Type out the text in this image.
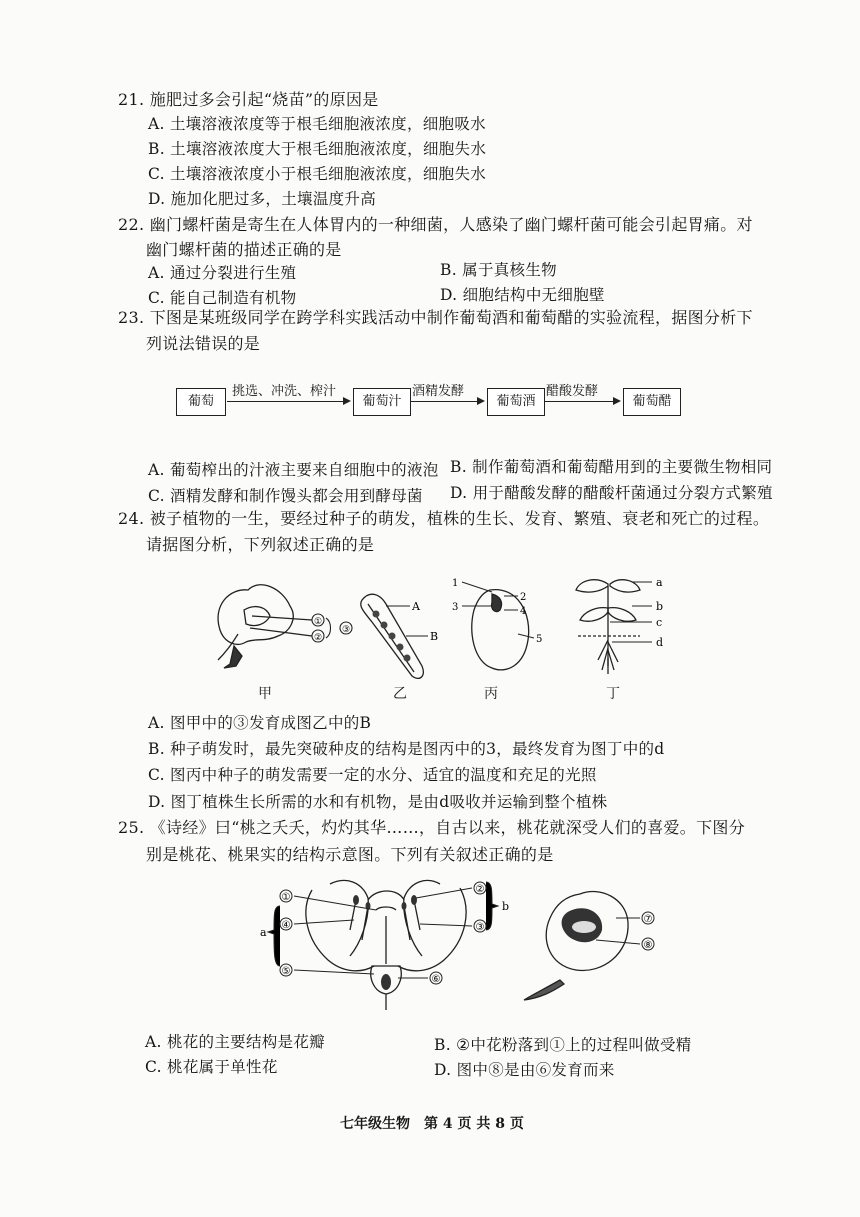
21. 施肥过多会引起“烧苗”的原因是
A. 土壤溶液浓度等于根毛细胞液浓度，细胞吸水
B. 土壤溶液浓度大于根毛细胞液浓度，细胞失水
C. 土壤溶液浓度小于根毛细胞液浓度，细胞失水
D. 施加化肥过多，土壤温度升高
22. 幽门螺杆菌是寄生在人体胃内的一种细菌，人感染了幽门螺杆菌可能会引起胃痛。对
幽门螺杆菌的描述正确的是
A. 通过分裂进行生殖	B. 属于真核生物
C. 能自己制造有机物	D. 细胞结构中无细胞壁
23. 下图是某班级同学在跨学科实践活动中制作葡萄酒和葡萄醋的实验流程，据图分析下
列说法错误的是
葡萄
挑选、冲洗、榨汁
葡萄汁
酒精发酵
葡萄酒
醋酸发酵
葡萄醋
A. 葡萄榨出的汁液主要来自细胞中的液泡 B. 制作葡萄酒和葡萄醋用到的主要微生物相同
C. 酒精发酵和制作馒头都会用到酵母菌 D. 用于醋酸发酵的醋酸杆菌通过分裂方式繁殖
24. 被子植物的一生，要经过种子的萌发，植株的生长、发育、繁殖、衰老和死亡的过程。
请据图分析，下列叙述正确的是
①
②
③
A
B
1
3
2
4
5
a
b
c
d
甲	乙	丙	丁
A. 图甲中的③发育成图乙中的B
B. 种子萌发时，最先突破种皮的结构是图丙中的3，最终发育为图丁中的d
C. 图丙中种子的萌发需要一定的水分、适宜的温度和充足的光照
D. 图丁植株生长所需的水和有机物，是由d吸收并运输到整个植株
25. 《诗经》曰“桃之夭夭，灼灼其华……，自古以来，桃花就深受人们的喜爱。下图分
别是桃花、桃果实的结构示意图。下列有关叙述正确的是
①
④
⑤
②
③
⑥
a
b
⑦
⑧
A. 桃花的主要结构是花瓣	B. ②中花粉落到①上的过程叫做受精
C. 桃花属于单性花	D. 图中⑧是由⑥发育而来
七年级生物　第 4 页 共 8 页
